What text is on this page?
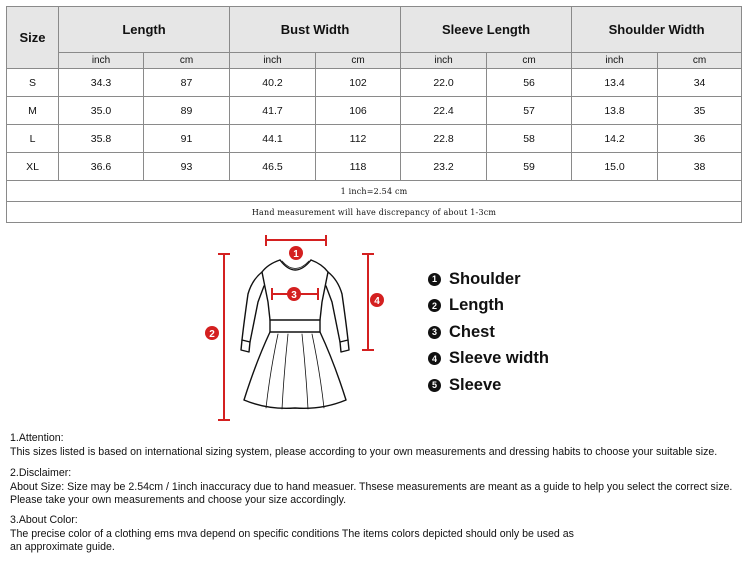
Size	Length		Bust Width		Sleeve Length		Shoulder Width	
	inch	cm	inch	cm	inch	cm	inch	cm
S	34.3	87	40.2	102	22.0	56	13.4	34
M	35.0	89	41.7	106	22.4	57	13.8	35
L	35.8	91	44.1	112	22.8	58	14.2	36
XL	36.6	93	46.5	118	23.2	59	15.0	38
1 inch=2.54 cm								
Hand measurement will have discrepancy of about 1-3cm								
1
2
3
4
1 Shoulder
2 Length
3 Chest
4 Sleeve width
5 Sleeve

1.Attention:

This sizes listed is based on international sizing system, please according to your own measurements and dressing habits to choose your suitable size.

2.Disclaimer:

About Size: Size may be 2.54cm / 1inch inaccuracy due to hand measuer. Thsese measurements are meant as a guide to help you select the correct size.

Please take your own measurements and choose your size accordingly.

3.About Color:

The precise color of a clothing ems mva depend on specific conditions The items colors depicted should only be used as

an approximate guide.
